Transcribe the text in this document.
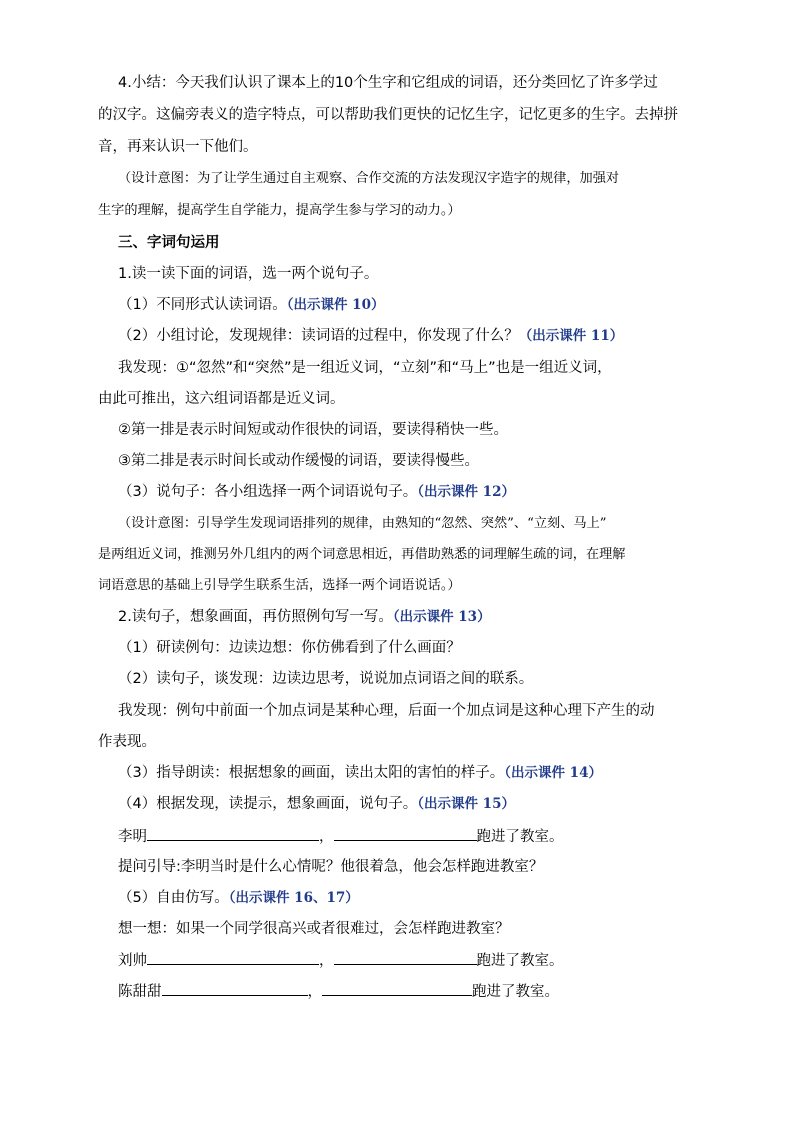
4.小结：今天我们认识了课本上的10个生字和它组成的词语，还分类回忆了许多学过
的汉字。这偏旁表义的造字特点，可以帮助我们更快的记忆生字，记忆更多的生字。去掉拼
音，再来认识一下他们。
（设计意图：为了让学生通过自主观察、合作交流的方法发现汉字造字的规律，加强对
生字的理解，提高学生自学能力，提高学生参与学习的动力。）
三、字词句运用
1.读一读下面的词语，选一两个说句子。
（1）不同形式认读词语。（出示课件 10）
（2）小组讨论，发现规律：读词语的过程中，你发现了什么？（出示课件 11）
我发现：①“忽然”和“突然”是一组近义词，“立刻”和“马上”也是一组近义词，
由此可推出，这六组词语都是近义词。
②第一排是表示时间短或动作很快的词语，要读得稍快一些。
③第二排是表示时间长或动作缓慢的词语，要读得慢些。
（3）说句子：各小组选择一两个词语说句子。（出示课件 12）
（设计意图：引导学生发现词语排列的规律，由熟知的“忽然、突然”、“立刻、马上”
是两组近义词，推测另外几组内的两个词意思相近，再借助熟悉的词理解生疏的词，在理解
词语意思的基础上引导学生联系生活，选择一两个词语说话。）
2.读句子，想象画面，再仿照例句写一写。（出示课件 13）
（1）研读例句：边读边想：你仿佛看到了什么画面？
（2）读句子，谈发现：边读边思考，说说加点词语之间的联系。
我发现：例句中前面一个加点词是某种心理，后面一个加点词是这种心理下产生的动
作表现。
（3）指导朗读：根据想象的画面，读出太阳的害怕的样子。（出示课件 14）
（4）根据发现，读提示，想象画面，说句子。（出示课件 15）
李明	，	跑进了教室。
提问引导:李明当时是什么心情呢？他很着急，他会怎样跑进教室？
（5）自由仿写。（出示课件 16、17）
想一想：如果一个同学很高兴或者很难过，会怎样跑进教室？
刘帅	，	跑进了教室。
陈甜甜	，	跑进了教室。
